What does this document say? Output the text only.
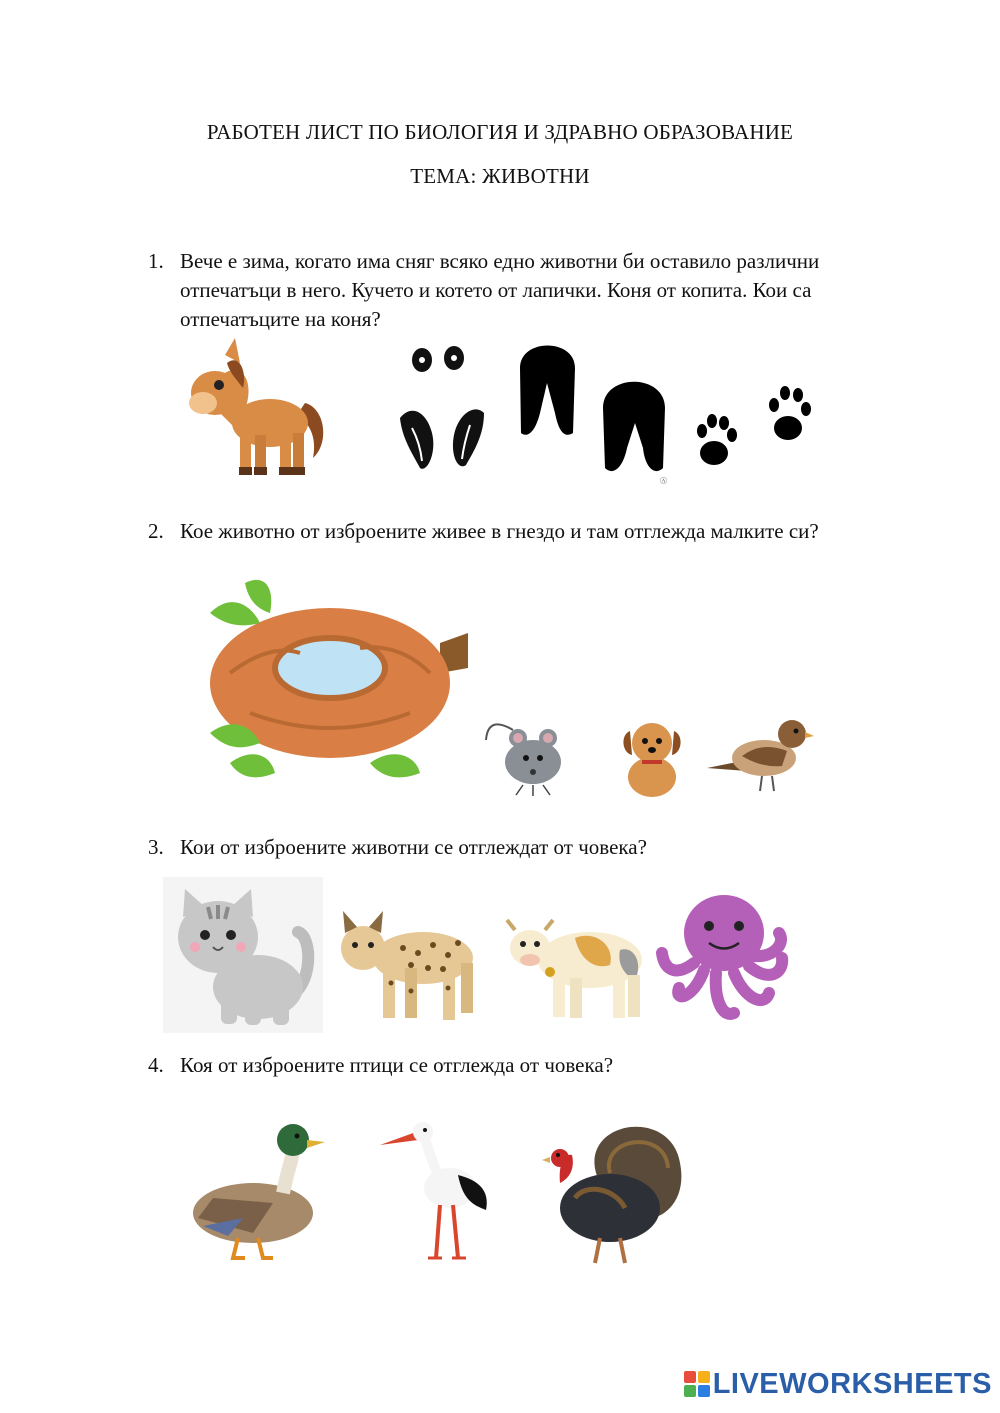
РАБОТЕН ЛИСТ ПО БИОЛОГИЯ И ЗДРАВНО ОБРАЗОВАНИЕ
ТЕМА: ЖИВОТНИ
1. Вече е зима, когато има сняг всяко едно животни би оставило различни отпечатъци в него. Кучето и котето от лапички. Коня от копита. Кои са отпечатъците на коня?
Ⓐ
2. Кое животно от изброените живее в гнездо и там отглежда малките си?
3. Кои от изброените животни се отглеждат от човека?
4. Коя от изброените птици се отглежда от човека?
LIVEWORKSHEETS
